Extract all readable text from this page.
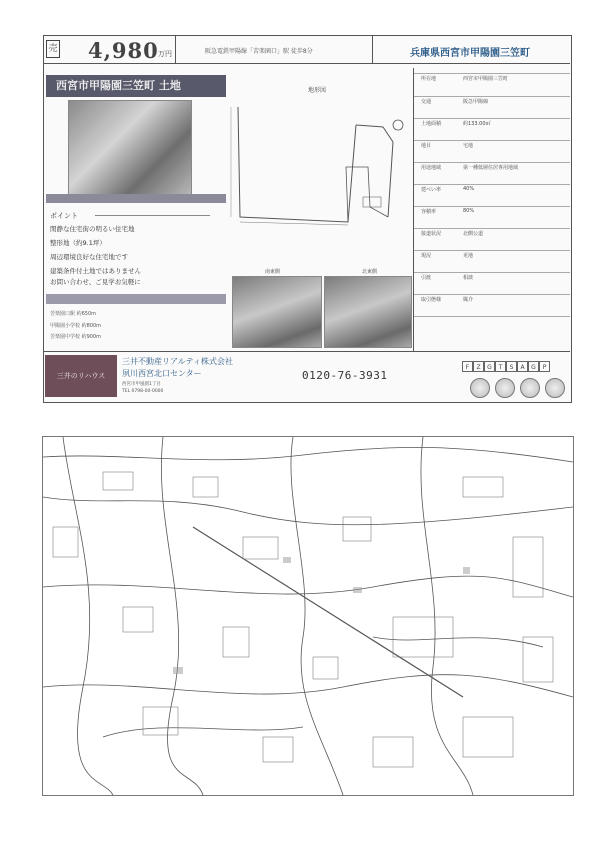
売 4,980 万円	阪急電鉄甲陽線「苦楽園口」駅 徒歩8分	兵庫県西宮市甲陽園三笠町
西宮市甲陽園三笠町 土地	地形図
ポイント
閑静な住宅街の明るい住宅地
整形地（約9.1坪）
周辺環境良好な住宅地です
建築条件付土地ではありません
お問い合わせ、ご見学お気軽に
苦楽園口駅 約650m
甲陽園小学校 約800m
苦楽園中学校 約900m
南東側	北東側
所在地	西宮市甲陽園三笠町
交通	阪急甲陽線
土地面積	約133.00㎡
地目	宅地
用途地域	第一種低層住居専用地域
建ぺい率	40%
容積率	80%
接道状況	北側公道
現況	更地
引渡	相談
取引態様	媒介
三井のリハウス
三井不動産リアルティ株式会社
夙川西宮北口センター
西宮市甲風園1丁目
TEL 0798-00-0000
0120-76-3931
F Z G T S A G P
